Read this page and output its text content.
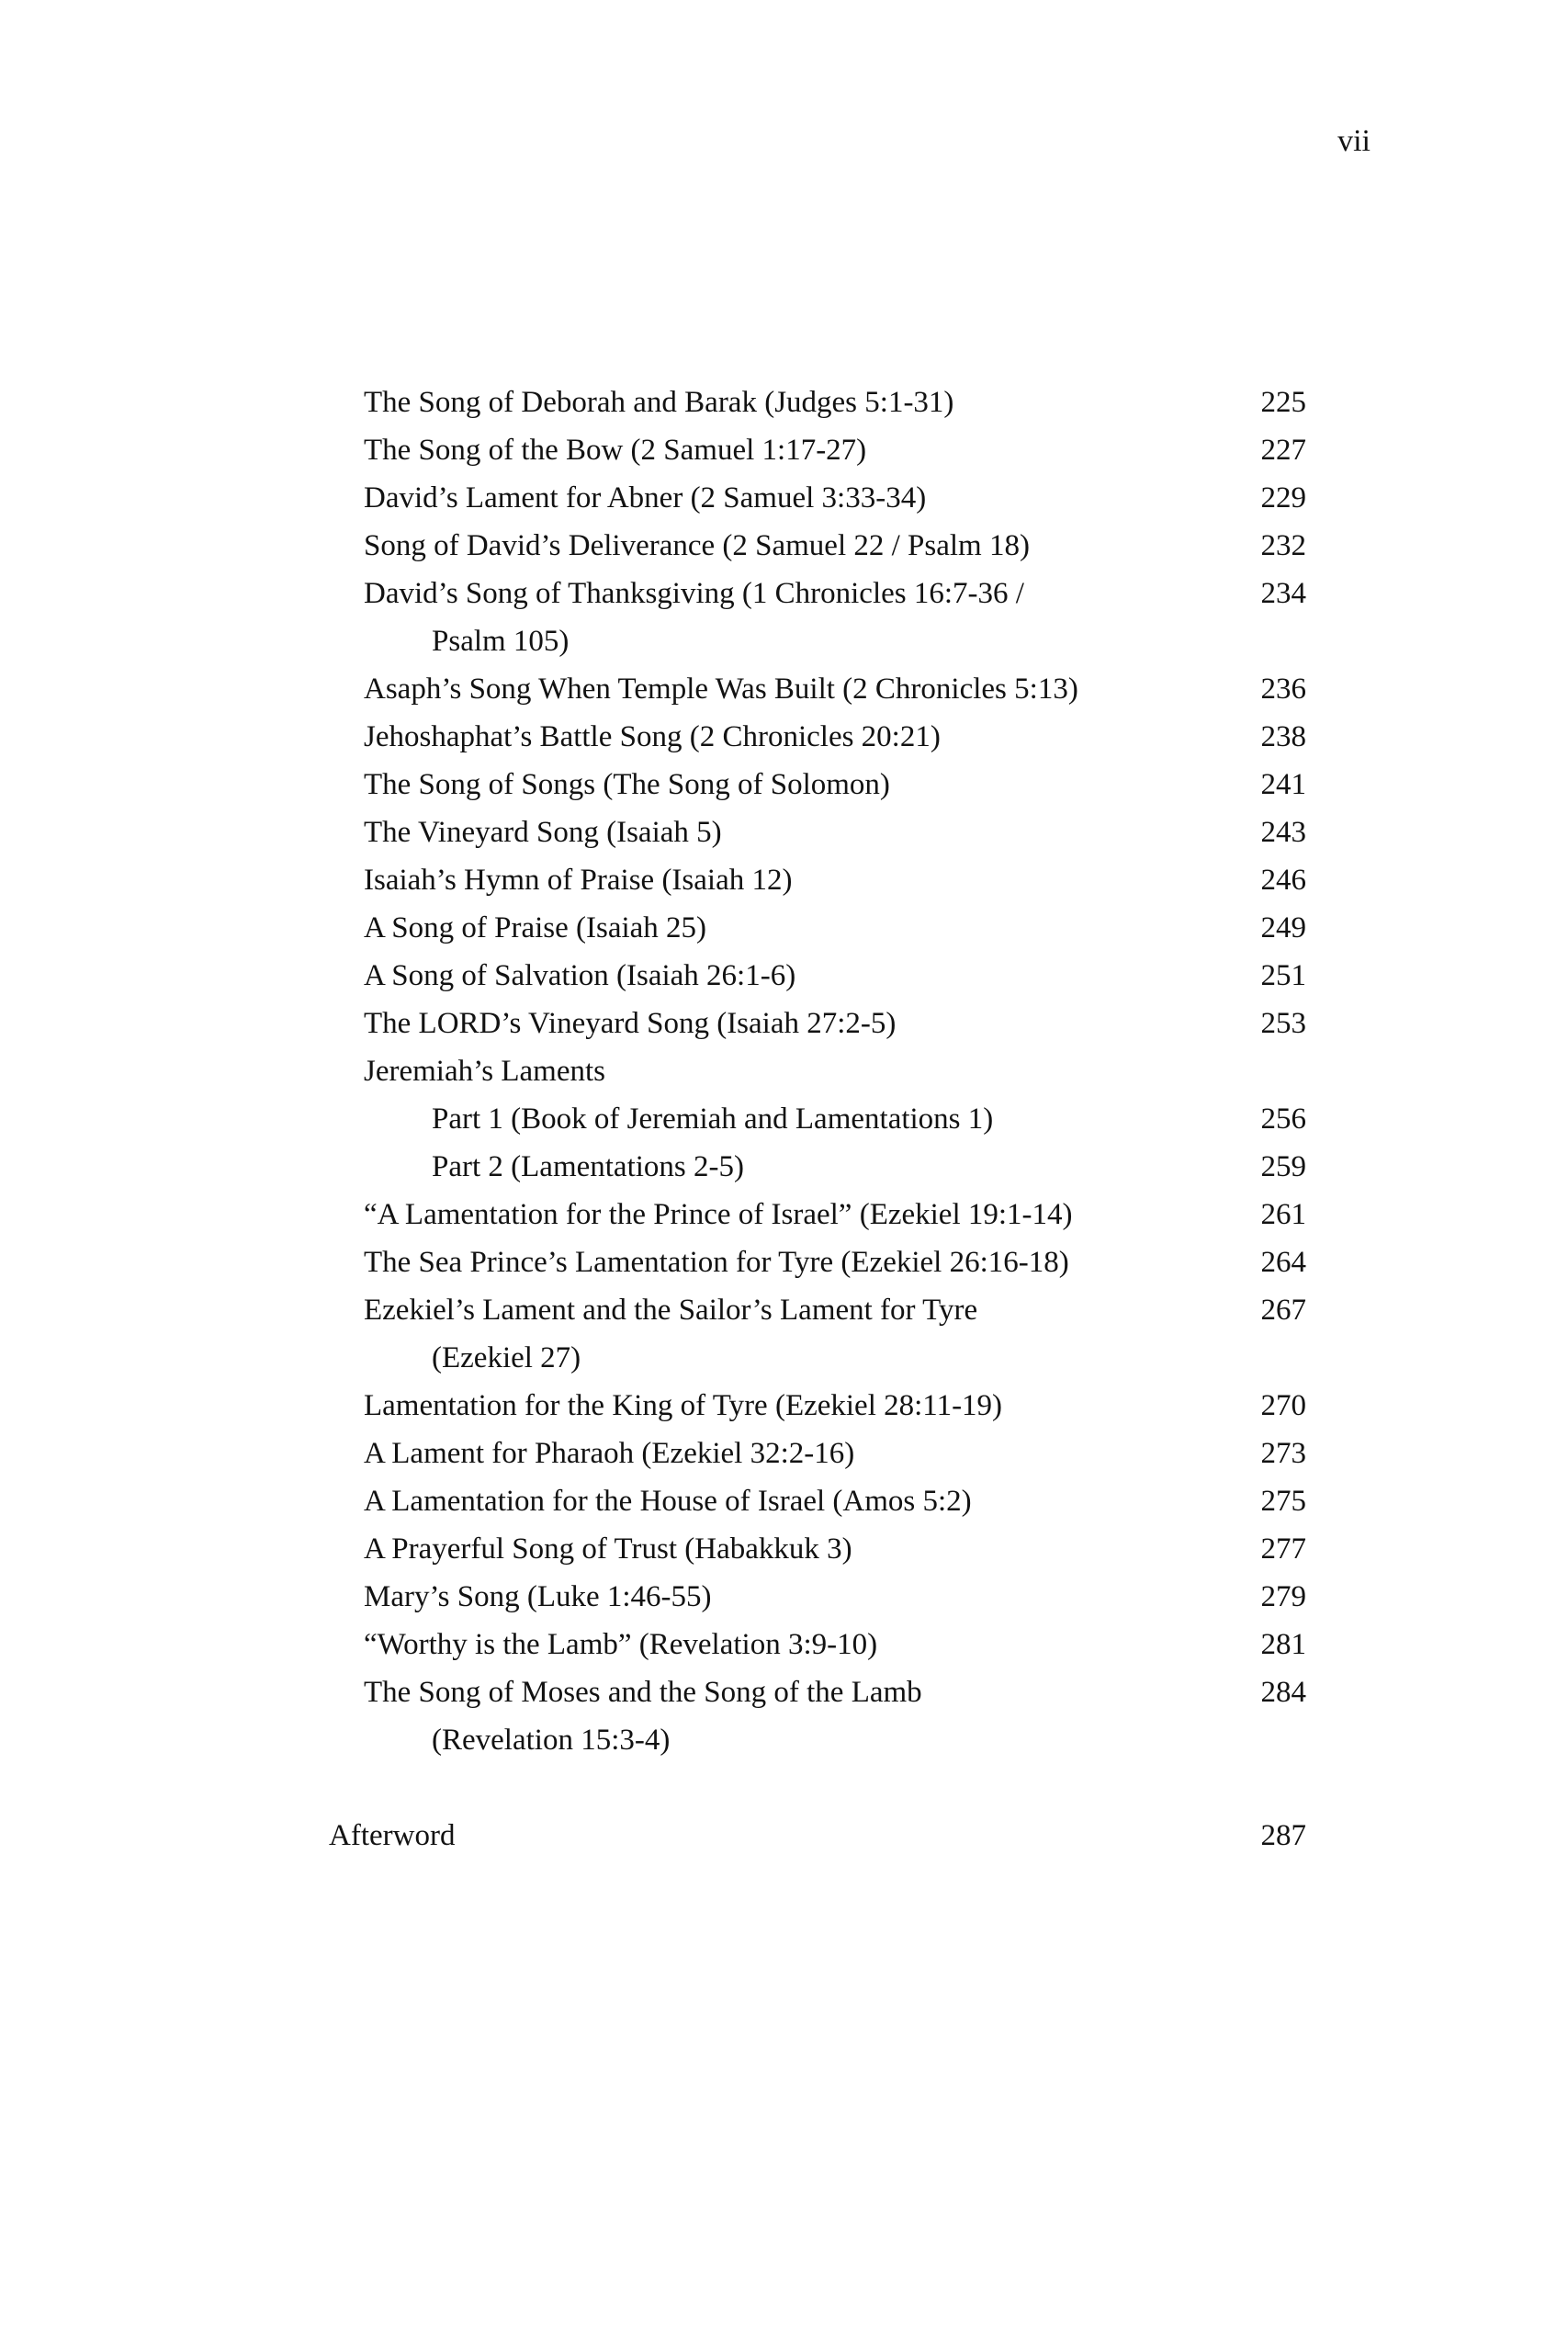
vii
The Song of Deborah and Barak (Judges 5:1-31)	225
The Song of the Bow (2 Samuel 1:17-27)	227
David’s Lament for Abner (2 Samuel 3:33-34)	229
Song of David’s Deliverance (2 Samuel 22 / Psalm 18)	232
David’s Song of Thanksgiving (1 Chronicles 16:7-36 /	234
Psalm 105)
Asaph’s Song When Temple Was Built (2 Chronicles 5:13)	236
Jehoshaphat’s Battle Song (2 Chronicles 20:21)	238
The Song of Songs (The Song of Solomon)	241
The Vineyard Song (Isaiah 5)	243
Isaiah’s Hymn of Praise (Isaiah 12)	246
A Song of Praise (Isaiah 25)	249
A Song of Salvation (Isaiah 26:1-6)	251
The LORD’s Vineyard Song (Isaiah 27:2-5)	253
Jeremiah’s Laments
Part 1 (Book of Jeremiah and Lamentations 1)	256
Part 2 (Lamentations 2-5)	259
“A Lamentation for the Prince of Israel” (Ezekiel 19:1-14)	261
The Sea Prince’s Lamentation for Tyre (Ezekiel 26:16-18)	264
Ezekiel’s Lament and the Sailor’s Lament for Tyre	267
(Ezekiel 27)
Lamentation for the King of Tyre (Ezekiel 28:11-19)	270
A Lament for Pharaoh (Ezekiel 32:2-16)	273
A Lamentation for the House of Israel (Amos 5:2)	275
A Prayerful Song of Trust (Habakkuk 3)	277
Mary’s Song (Luke 1:46-55)	279
“Worthy is the Lamb” (Revelation 3:9-10)	281
The Song of Moses and the Song of the Lamb	284
(Revelation 15:3-4)
Afterword	287
